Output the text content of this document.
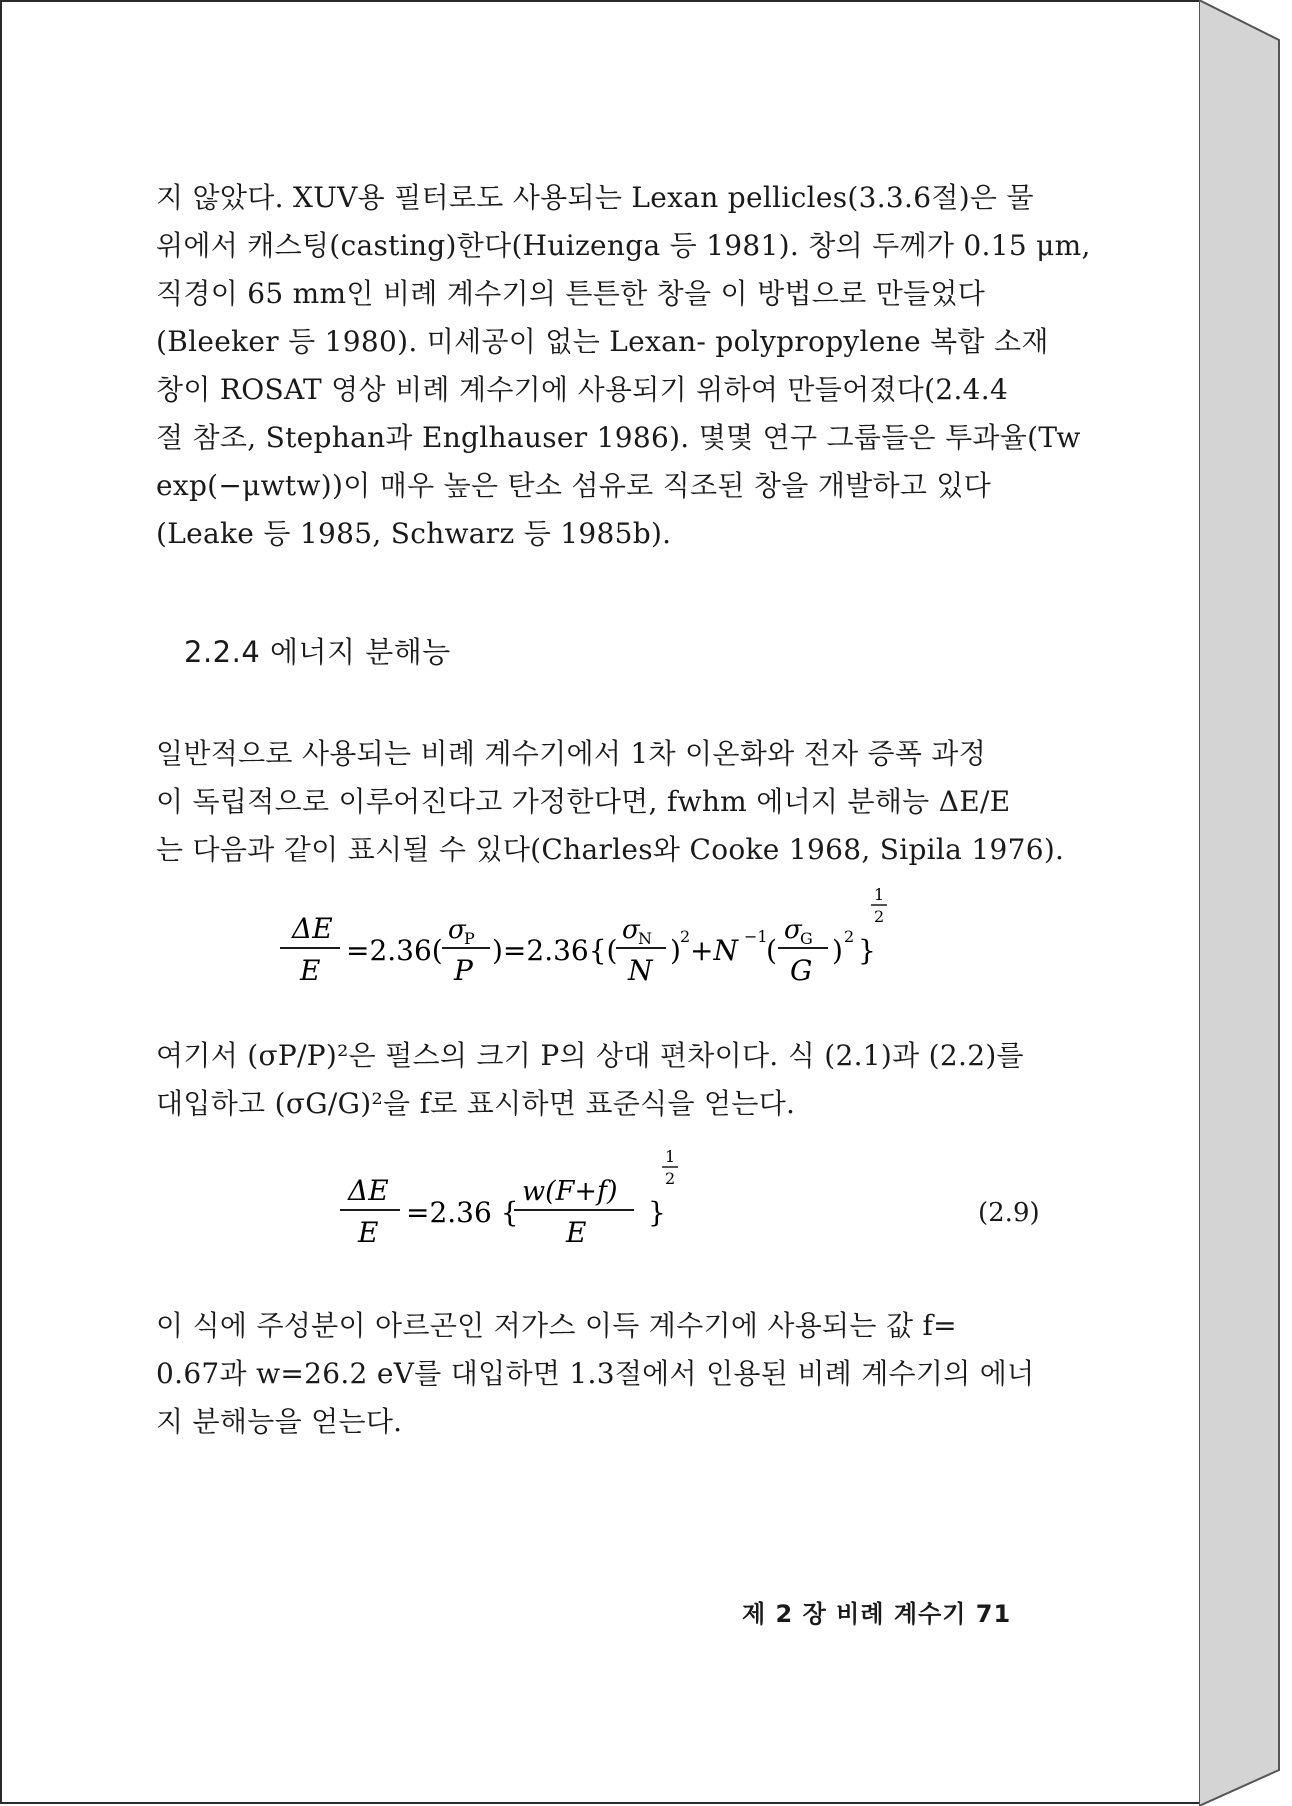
지 않았다. XUV용 필터로도 사용되는 Lexan pellicles(3.3.6절)은 물
위에서 캐스팅(casting)한다(Huizenga 등 1981). 창의 두께가 0.15 μm,
직경이 65 mm인 비례 계수기의 튼튼한 창을 이 방법으로 만들었다
(Bleeker 등 1980). 미세공이 없는 Lexan- polypropylene 복합 소재
창이 ROSAT 영상 비례 계수기에 사용되기 위하여 만들어졌다(2.4.4
절 참조, Stephan과 Englhauser 1986). 몇몇 연구 그룹들은 투과율(Tw
exp(−μwtw))이 매우 높은 탄소 섬유로 직조된 창을 개발하고 있다
(Leake 등 1985, Schwarz 등 1985b).

2.2.4 에너지 분해능

일반적으로 사용되는 비례 계수기에서 1차 이온화와 전자 증폭 과정
이 독립적으로 이루어진다고 가정한다면, fwhm 에너지 분해능 ΔE/E
는 다음과 같이 표시될 수 있다(Charles와 Cooke 1968, Sipila 1976).

ΔE
E
=2.36(
σ
P
P
)=2.36{(
σ
N
N
) 2 +N −1
(
σ
G
G
) 2 }
1
2

여기서 (σP/P)²은 펄스의 크기 P의 상대 편차이다. 식 (2.1)과 (2.2)를
대입하고 (σG/G)²을 f로 표시하면 표준식을 얻는다.

ΔE
E
=2.36 {
w(F+f)
E
}
1
2
(2.9)

이 식에 주성분이 아르곤인 저가스 이득 계수기에 사용되는 값 f=
0.67과 w=26.2 eV를 대입하면 1.3절에서 인용된 비례 계수기의 에너
지 분해능을 얻는다.

제 2 장 비례 계수기 71
